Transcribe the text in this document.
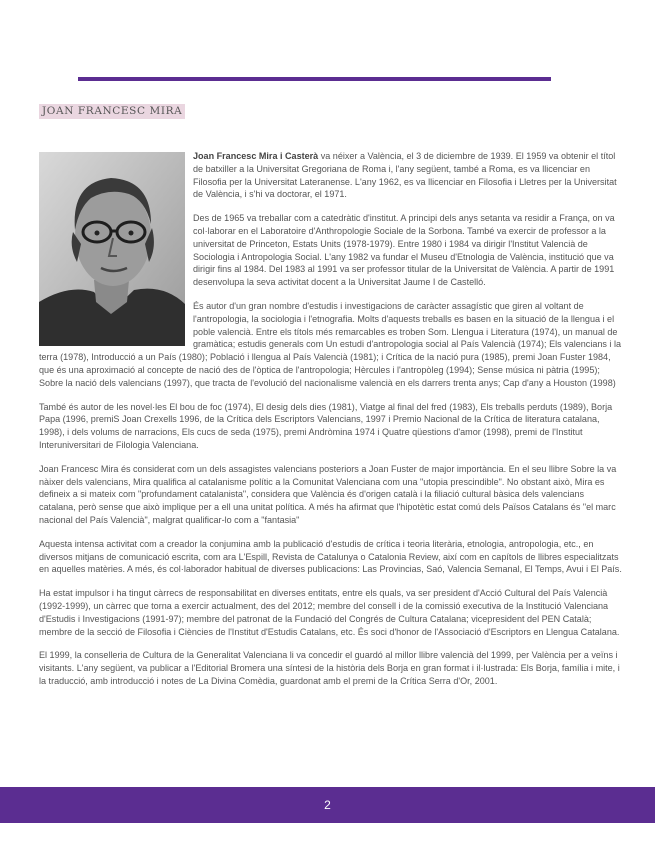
JOAN FRANCESC MIRA

Joan Francesc Mira i Casterà va néixer a València, el 3 de diciembre de 1939. El 1959 va obtenir el títol de batxiller a la Universitat Gregoriana de Roma i, l'any següent, també a Roma, es va llicenciar en Filosofia per la Universitat Lateranense. L'any 1962, es va llicenciar en Filosofia i Lletres per la Universitat de València, i s'hi va doctorar, el 1971.

Des de 1965 va treballar com a catedràtic d'institut. A principi dels anys setanta va residir a França, on va col·laborar en el Laboratoire d'Anthropologie Sociale de la Sorbona. També va exercir de professor a la universitat de Princeton, Estats Units (1978-1979). Entre 1980 i 1984 va dirigir l'Institut Valencià de Sociologia i Antropologia Social. L'any 1982 va fundar el Museu d'Etnologia de València, institució que va dirigir fins al 1984. Del 1983 al 1991 va ser professor titular de la Universitat de València. A partir de 1991 desenvolupa la seva activitat docent a la Universitat Jaume I de Castelló.

És autor d'un gran nombre d'estudis i investigacions de caràcter assagístic que giren al voltant de l'antropologia, la sociologia i l'etnografia. Molts d'aquests treballs es basen en la situació de la llengua i el poble valencià. Entre els títols més remarcables es troben Som. Llengua i Literatura (1974), un manual de gramàtica; estudis generals com Un estudi d'antropologia social al País Valencià (1974); Els valencians i la terra (1978), Introducció a un País (1980); Població i llengua al País Valencià (1981); i Crítica de la nació pura (1985), premi Joan Fuster 1984, que és una aproximació al concepte de nació des de l'òptica de l'antropologia; Hèrcules i l'antropòleg (1994); Sense música ni pàtria (1995); Sobre la nació dels valencians (1997), que tracta de l'evolució del nacionalisme valencià en els darrers trenta anys; Cap d'any a Houston (1998)

També és autor de les novel·les El bou de foc (1974), El desig dels dies (1981), Viatge al final del fred (1983), Els treballs perduts (1989), Borja Papa (1996, premiS Joan Crexells 1996, de la Crítica dels Escriptors Valencians, 1997 i Premio Nacional de la Crítica de literatura catalana, 1998), i dels volums de narracions, Els cucs de seda (1975), premi Andròmina 1974 i Quatre qüestions d'amor (1998), premi de l'Institut Interuniversitari de Filologia Valenciana.

Joan Francesc Mira és considerat com un dels assagistes valencians posteriors a Joan Fuster de major importància. En el seu llibre Sobre la va nàixer dels valencians, Mira qualifica al catalanisme polític a la Comunitat Valenciana com una "utopia prescindible". No obstant això, Mira es defineix a si mateix com "profundament catalanista", considera que València és d'origen català i la filiació cultural bàsica dels valencians catalana, però sense que això implique per a ell una unitat política. A més ha afirmat que l'hipotètic estat comú dels Països Catalans és "el marc nacional del País Valencià", malgrat qualificar-lo com a "fantasia"

Aquesta intensa activitat com a creador la conjumina amb la publicació d'estudis de crítica i teoria literària, etnologia, antropologia, etc., en diversos mitjans de comunicació escrita, com ara L'Espill, Revista de Catalunya o Catalonia Review, així com en capítols de llibres especialitzats en aquelles matèries. A més, és col·laborador habitual de diverses publicacions: Las Provincias, Saó, Valencia Semanal, El Temps, Avui i El País.

Ha estat impulsor i ha tingut càrrecs de responsabilitat en diverses entitats, entre els quals, va ser president d'Acció Cultural del País Valencià (1992-1999), un càrrec que torna a exercir actualment, des del 2012; membre del consell i de la comissió executiva de la Institució Valenciana d'Estudis i Investigacions (1991-97); membre del patronat de la Fundació del Congrés de Cultura Catalana; vicepresident del PEN Català; membre de la secció de Filosofia i Ciències de l'Institut d'Estudis Catalans, etc. És soci d'honor de l'Associació d'Escriptors en Llengua Catalana.

El 1999, la conselleria de Cultura de la Generalitat Valenciana li va concedir el guardó al millor llibre valencià del 1999, per València per a veïns i visitants. L'any següent, va publicar a l'Editorial Bromera una síntesi de la història dels Borja en gran format i il·lustrada: Els Borja, família i mite, i la traducció, amb introducció i notes de La Divina Comèdia, guardonat amb el premi de la Crítica Serra d'Or, 2001.

2
